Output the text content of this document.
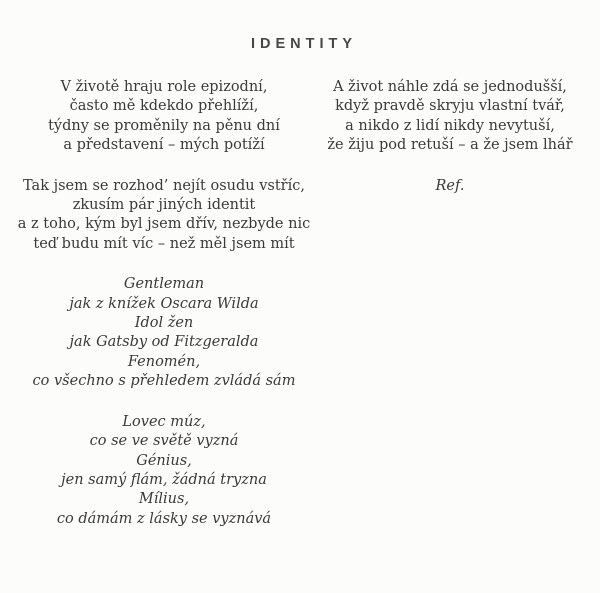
IDENTITY

V životě hraju role epizodní,

často mě kdekdo přehlíží,

týdny se proměnily na pěnu dní

a představení – mých potíží

Tak jsem se rozhod’ nejít osudu vstříc,

zkusím pár jiných identit

a z toho, kým byl jsem dřív, nezbyde nic

teď budu mít víc – než měl jsem mít

Gentleman

jak z knížek Oscara Wilda

Idol žen

jak Gatsby od Fitzgeralda

Fenomén,

co všechno s přehledem zvládá sám

Lovec múz,

co se ve světě vyzná

Génius,

jen samý flám, žádná tryzna

Mílius,

co dámám z lásky se vyznává

A život náhle zdá se jednodušší,

když pravdě skryju vlastní tvář,

a nikdo z lidí nikdy nevytuší,

že žiju pod retuší – a že jsem lhář

Ref.
